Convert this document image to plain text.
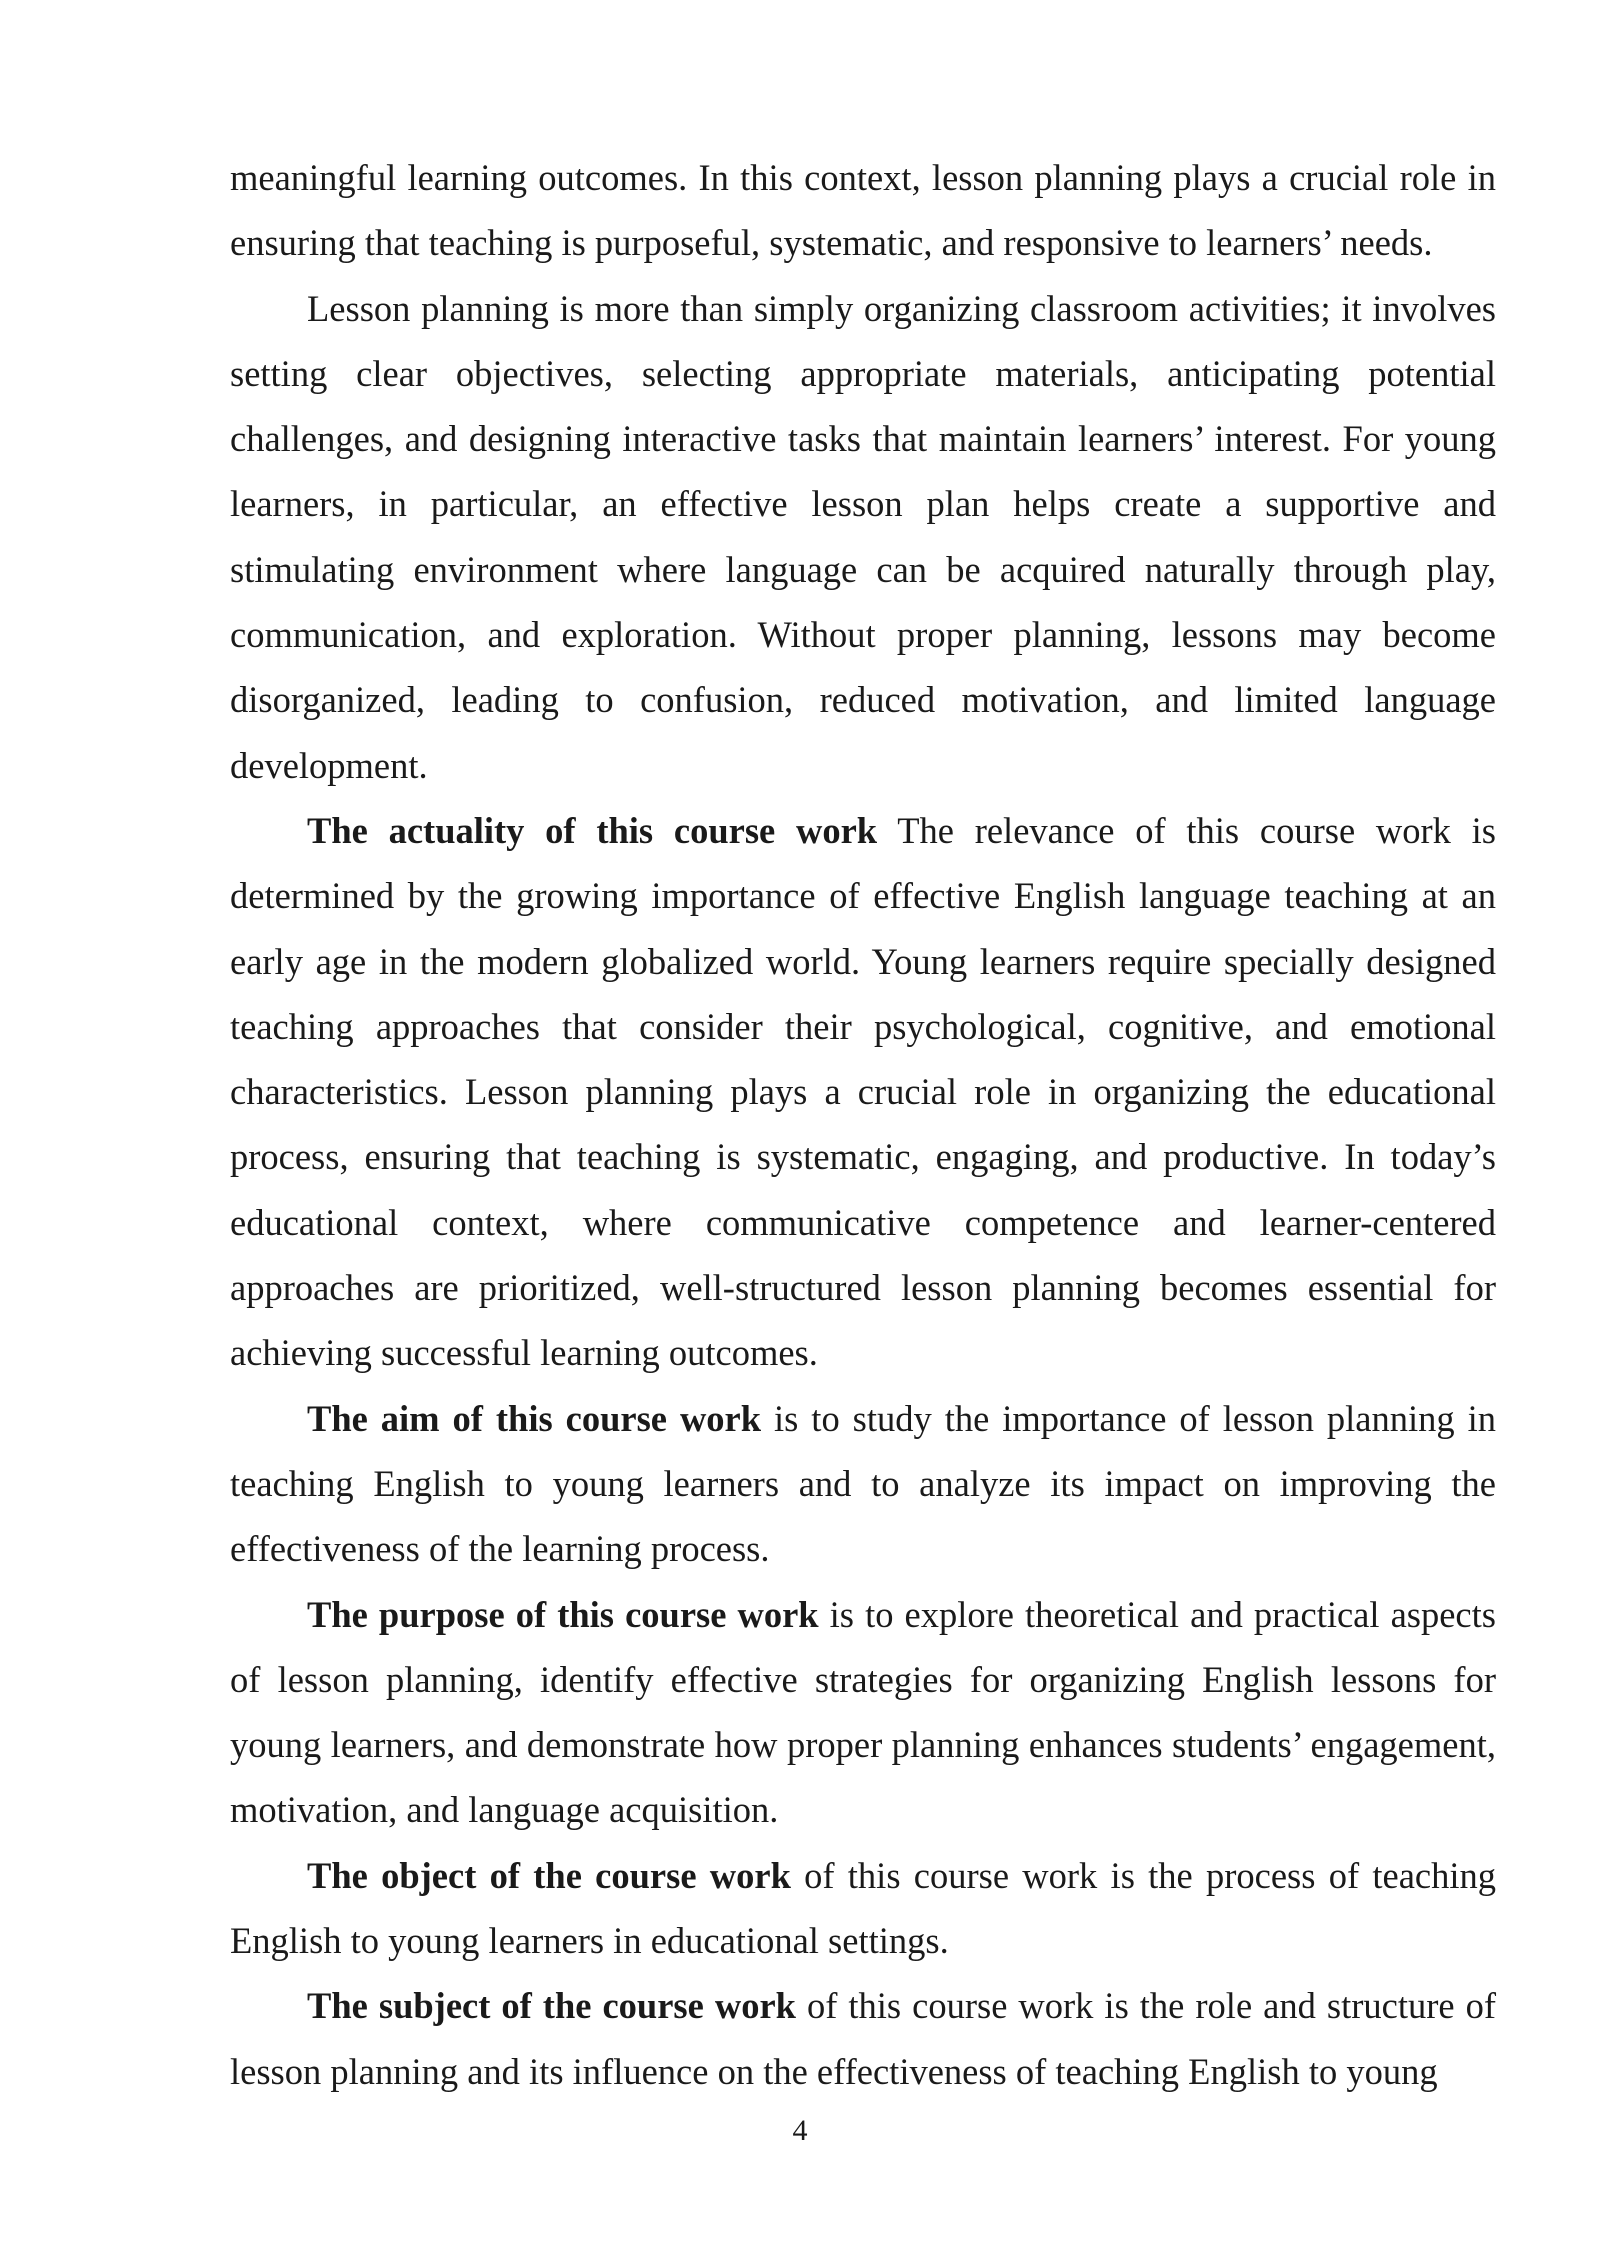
meaningful learning outcomes. In this context, lesson planning plays a crucial role in ensuring that teaching is purposeful, systematic, and responsive to learners’ needs.

Lesson planning is more than simply organizing classroom activities; it involves setting clear objectives, selecting appropriate materials, anticipating potential challenges, and designing interactive tasks that maintain learners’ interest. For young learners, in particular, an effective lesson plan helps create a supportive and stimulating environment where language can be acquired naturally through play, communication, and exploration. Without proper planning, lessons may become disorganized, leading to confusion, reduced motivation, and limited language development.

The actuality of this course work The relevance of this course work is determined by the growing importance of effective English language teaching at an early age in the modern globalized world. Young learners require specially designed teaching approaches that consider their psychological, cognitive, and emotional characteristics. Lesson planning plays a crucial role in organizing the educational process, ensuring that teaching is systematic, engaging, and productive. In today’s educational context, where communicative competence and learner-centered approaches are prioritized, well-structured lesson planning becomes essential for achieving successful learning outcomes.

The aim of this course work is to study the importance of lesson planning in teaching English to young learners and to analyze its impact on improving the effectiveness of the learning process.

The purpose of this course work is to explore theoretical and practical aspects of lesson planning, identify effective strategies for organizing English lessons for young learners, and demonstrate how proper planning enhances students’ engagement, motivation, and language acquisition.

The object of the course work of this course work is the process of teaching English to young learners in educational settings.

The subject of the course work of this course work is the role and structure of lesson planning and its influence on the effectiveness of teaching English to young

4
